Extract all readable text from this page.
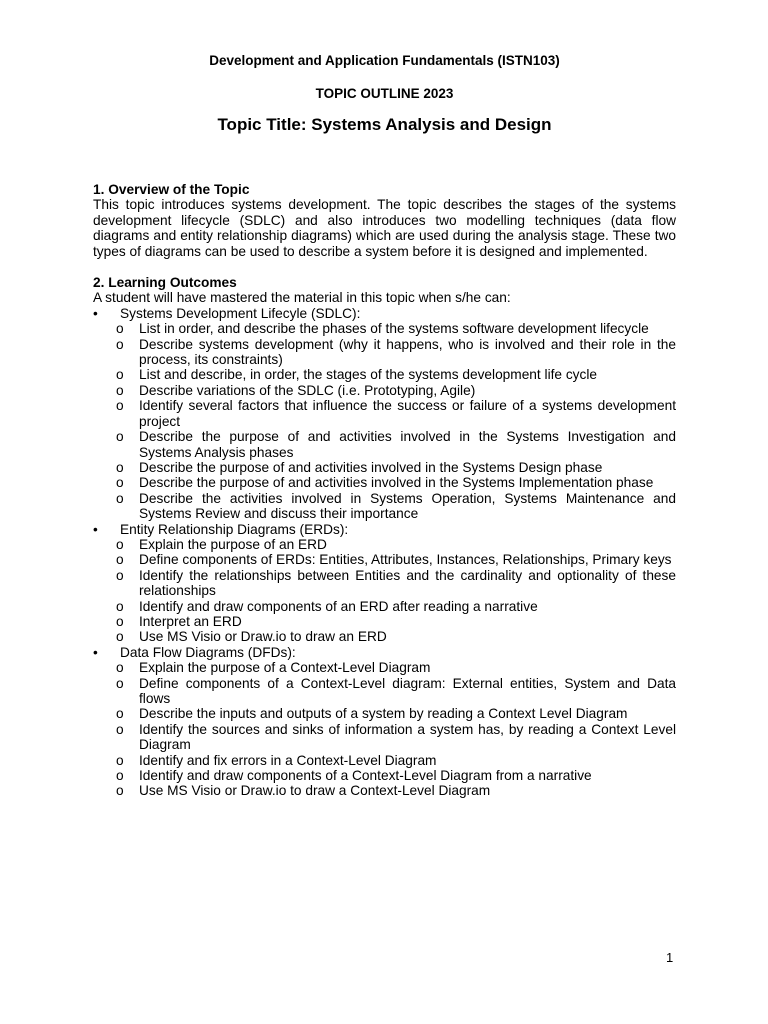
Development and Application Fundamentals (ISTN103)

TOPIC OUTLINE 2023

Topic Title: Systems Analysis and Design

1. Overview of the Topic

This topic introduces systems development. The topic describes the stages of the systems development lifecycle (SDLC) and also introduces two modelling techniques (data flow diagrams and entity relationship diagrams) which are used during the analysis stage. These two types of diagrams can be used to describe a system before it is designed and implemented.

2. Learning Outcomes

A student will have mastered the material in this topic when s/he can:

•	Systems Development Lifecyle (SDLC):
o List in order, and describe the phases of the systems software development lifecycle
o Describe systems development (why it happens, who is involved and their role in the process, its constraints)
o List and describe, in order, the stages of the systems development life cycle
o Describe variations of the SDLC (i.e. Prototyping, Agile)
o Identify several factors that influence the success or failure of a systems development project
o Describe the purpose of and activities involved in the Systems Investigation and Systems Analysis phases
o Describe the purpose of and activities involved in the Systems Design phase
o Describe the purpose of and activities involved in the Systems Implementation phase
o Describe the activities involved in Systems Operation, Systems Maintenance and Systems Review and discuss their importance
•	Entity Relationship Diagrams (ERDs):
o Explain the purpose of an ERD
o Define components of ERDs: Entities, Attributes, Instances, Relationships, Primary keys
o Identify the relationships between Entities and the cardinality and optionality of these relationships
o Identify and draw components of an ERD after reading a narrative
o Interpret an ERD
o Use MS Visio or Draw.io to draw an ERD
•	Data Flow Diagrams (DFDs):
o Explain the purpose of a Context-Level Diagram
o Define components of a Context-Level diagram: External entities, System and Data flows
o Describe the inputs and outputs of a system by reading a Context Level Diagram
o Identify the sources and sinks of information a system has, by reading a Context Level Diagram
o Identify and fix errors in a Context-Level Diagram
o Identify and draw components of a Context-Level Diagram from a narrative
o Use MS Visio or Draw.io to draw a Context-Level Diagram
1
